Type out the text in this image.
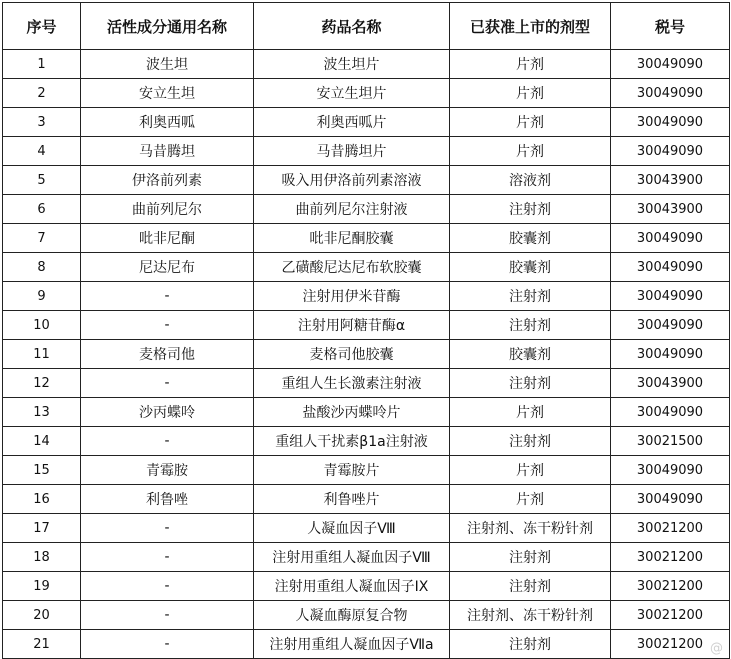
序号	活性成分通用名称	药品名称	已获准上市的剂型	税号
1	波生坦	波生坦片	片剂	30049090
2	安立生坦	安立生坦片	片剂	30049090
3	利奥西呱	利奥西呱片	片剂	30049090
4	马昔腾坦	马昔腾坦片	片剂	30049090
5	伊洛前列素	吸入用伊洛前列素溶液	溶液剂	30043900
6	曲前列尼尔	曲前列尼尔注射液	注射剂	30043900
7	吡非尼酮	吡非尼酮胶囊	胶囊剂	30049090
8	尼达尼布	乙磺酸尼达尼布软胶囊	胶囊剂	30049090
9	-	注射用伊米苷酶	注射剂	30049090
10	-	注射用阿糖苷酶α	注射剂	30049090
11	麦格司他	麦格司他胶囊	胶囊剂	30049090
12	-	重组人生长激素注射液	注射剂	30043900
13	沙丙蝶呤	盐酸沙丙蝶呤片	片剂	30049090
14	-	重组人干扰素β1a注射液	注射剂	30021500
15	青霉胺	青霉胺片	片剂	30049090
16	利鲁唑	利鲁唑片	片剂	30049090
17	-	人凝血因子Ⅷ	注射剂、冻干粉针剂	30021200
18	-	注射用重组人凝血因子Ⅷ	注射剂	30021200
19	-	注射用重组人凝血因子IX	注射剂	30021200
20	-	人凝血酶原复合物	注射剂、冻干粉针剂	30021200
21	-	注射用重组人凝血因子Ⅶa	注射剂	30021200 @
